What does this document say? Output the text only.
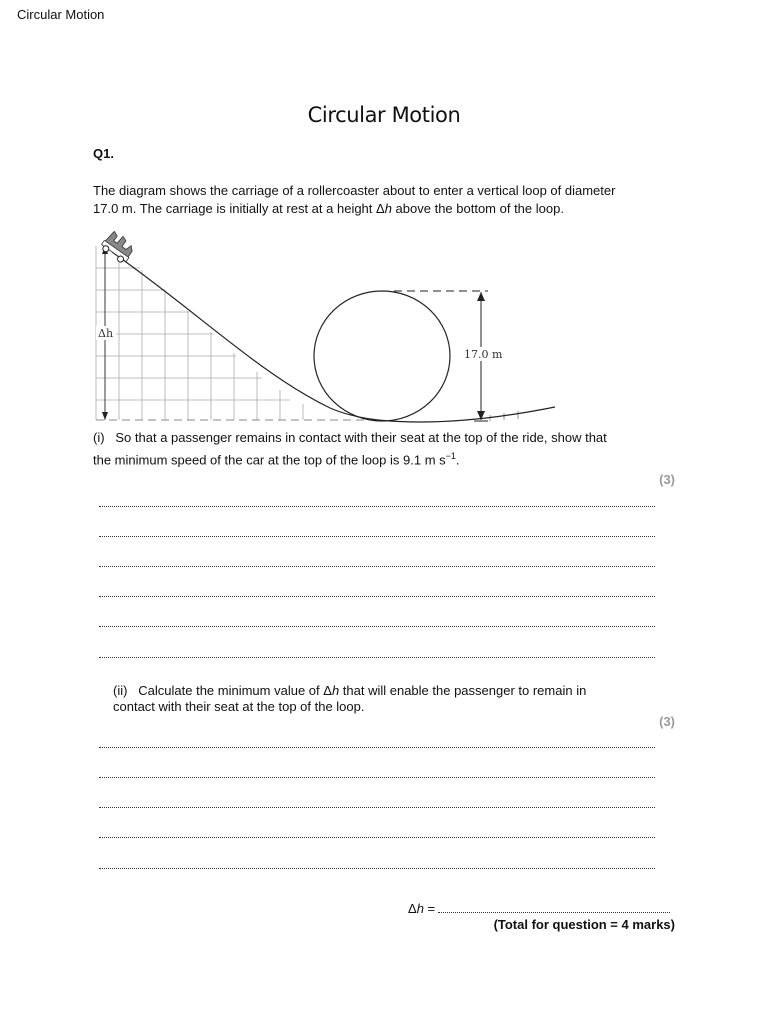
Circular Motion
Circular Motion
Q1.
The diagram shows the carriage of a rollercoaster about to enter a vertical loop of diameter
17.0 m. The carriage is initially at rest at a height Δh above the bottom of the loop.
17.0 m
Δh
(i)   So that a passenger remains in contact with their seat at the top of the ride, show that
the minimum speed of the car at the top of the loop is 9.1 m $s^{-1}$.
(3)
(ii)   Calculate the minimum value of Δh that will enable the passenger to remain in
contact with their seat at the top of the loop.
(3)
Δh =
(Total for question = 4 marks)
